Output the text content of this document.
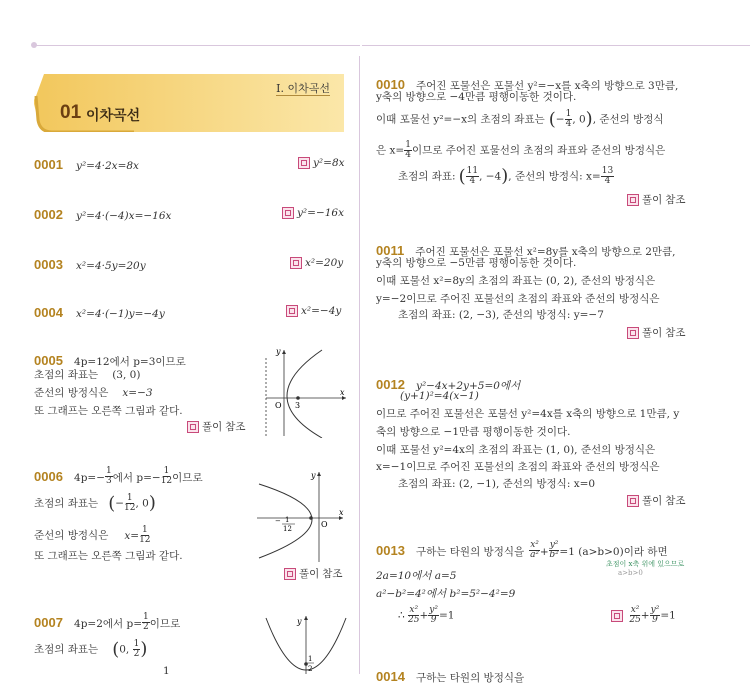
Ⅰ. 이차곡선
01 이차곡선
0001 y²=4·2x=8x	y²=8x
0002 y²=4·(−4)x=−16x	y²=−16x
0003 x²=4·5y=20y	x²=20y
0004 x²=4·(−1)y=−4y	x²=−4y
0005 4p=12에서 p=3이므로
초점의 좌표는 (3, 0)
준선의 방정식은 x=−3
또 그래프는 오른쪽 그림과 같다.
풀이 참조
x
y
O 3
0006 $4p=- \frac{1}{3}$ 에서 $p=- \frac{1}{12}$ 이므로
초점의 좌표는 (− $\frac{1}{12}$ , 0)
준선의 방정식은 $x= \frac{1}{12}$
또 그래프는 오른쪽 그림과 같다.
풀이 참조
x
y
O
− 1
12
0007 4p=2에서 $p= \frac{1}{2}$ 이므로
초점의 좌표는 (0, $\frac{1}{2}$ )
1
y
1
2
0010 주어진 포물선은 포물선 y²=−x를 x축의 방향으로 3만큼,
y축의 방향으로 −4만큼 평행이동한 것이다.
이때 포물선 y²=−x의 초점의 좌표는 (− $\frac{1}{4}$ , 0), 준선의 방정식
은 $x= \frac{1}{4}$ 이므로 주어진 포물선의 초점의 좌표와 준선의 방정식은
초점의 좌표: ( $\frac{11}{4}$ , −4), 준선의 방정식: $x= \frac{13}{4}$
풀이 참조
0011 주어진 포물선은 포물선 x²=8y를 x축의 방향으로 2만큼,
y축의 방향으로 −5만큼 평행이동한 것이다.
이때 포물선 x²=8y의 초점의 좌표는 (0, 2), 준선의 방정식은
y=−2이므로 주어진 포물선의 초점의 좌표와 준선의 방정식은
초점의 좌표: (2, −3), 준선의 방정식: y=−7
풀이 참조
0012 y²−4x+2y+5=0에서
(y+1)²=4(x−1)
이므로 주어진 포물선은 포물선 y²=4x를 x축의 방향으로 1만큼, y
축의 방향으로 −1만큼 평행이동한 것이다.
이때 포물선 y²=4x의 초점의 좌표는 (1, 0), 준선의 방정식은
x=−1이므로 주어진 포물선의 초점의 좌표와 준선의 방정식은
초점의 좌표: (2, −1), 준선의 방정식: x=0
풀이 참조
0013 구하는 타원의 방정식을 $\frac{\text{x²}}{\text{a²}} + \frac{\text{y²}}{\text{b²}} =1$ (a>b>0)이라 하면
초점이 x축 위에 있으므로
a>b>0
2a=10에서 a=5
a²−b²=4²에서 b²=5²−4²=9
∴ $\frac{\text{x²}}{25} + \frac{\text{y²}}{9} =1$
	$\frac{\text{x²}}{25} + \frac{\text{y²}}{9} =1$
0014 구하는 타원의 방정식을
